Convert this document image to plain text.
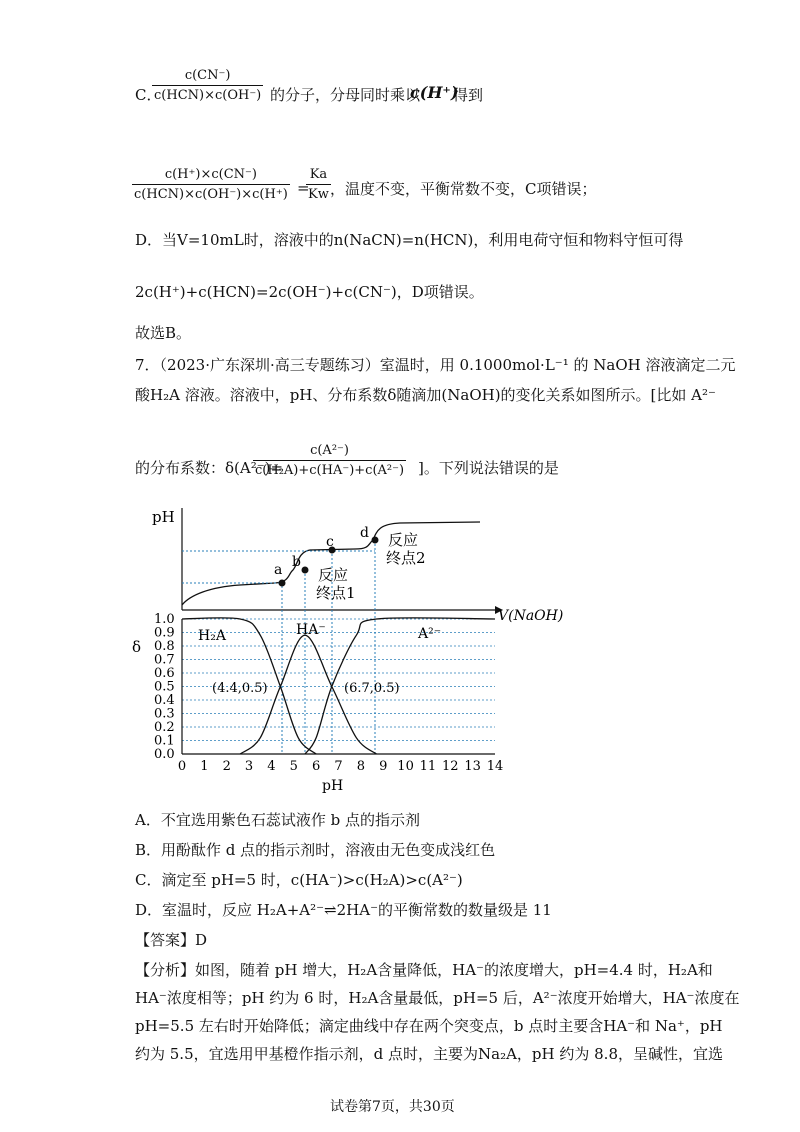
C．
c(CN⁻)
c(HCN)×c(OH⁻) 的分子，分母同时乘以
c(H⁺)
得到
c(H⁺)×c(CN⁻)
c(HCN)×c(OH⁻)×c(H⁺) =
Ka
Kw ，温度不变，平衡常数不变，C项错误；
D．当V=10mL时，溶液中的n(NaCN)=n(HCN)，利用电荷守恒和物料守恒可得
2c(H⁺)+c(HCN)=2c(OH⁻)+c(CN⁻)，D项错误。
故选B。
7．（2023·广东深圳·高三专题练习）室温时，用 0.1000mol·L⁻¹ 的 NaOH 溶液滴定二元
酸H₂A 溶液。溶液中，pH、分布系数δ随滴加(NaOH)的变化关系如图所示。[比如 A²⁻
的分布系数：δ(A²⁻)=
c(A²⁻)
c(H₂A)+c(HA⁻)+c(A²⁻) ]。下列说法错误的是
pH
V(NaOH)
a b
c
d
反应
终点1
反应
终点2
δ
pH
0.0
0.1
0.2
0.3
0.4
0.5
0.6
0.7
0.8
0.9
1.0
0 1 2 3 4 5 6 7 8 9 10 11 12 13 14
H₂A	HA⁻	A²⁻
(4.4,0.5)	(6.7,0.5)
A．不宜选用紫色石蕊试液作 b 点的指示剂
B．用酚酞作 d 点的指示剂时，溶液由无色变成浅红色
C．滴定至 pH=5 时，c(HA⁻)>c(H₂A)>c(A²⁻)
D．室温时，反应 H₂A+A²⁻⇌2HA⁻的平衡常数的数量级是 11
【答案】D
【分析】如图，随着 pH 增大，H₂A含量降低，HA⁻的浓度增大，pH=4.4 时，H₂A和
HA⁻浓度相等；pH 约为 6 时，H₂A含量最低，pH=5 后，A²⁻浓度开始增大，HA⁻浓度在
pH=5.5 左右时开始降低；滴定曲线中存在两个突变点，b 点时主要含HA⁻和 Na⁺，pH
约为 5.5，宜选用甲基橙作指示剂，d 点时，主要为Na₂A，pH 约为 8.8，呈碱性，宜选
试卷第7页，共30页
